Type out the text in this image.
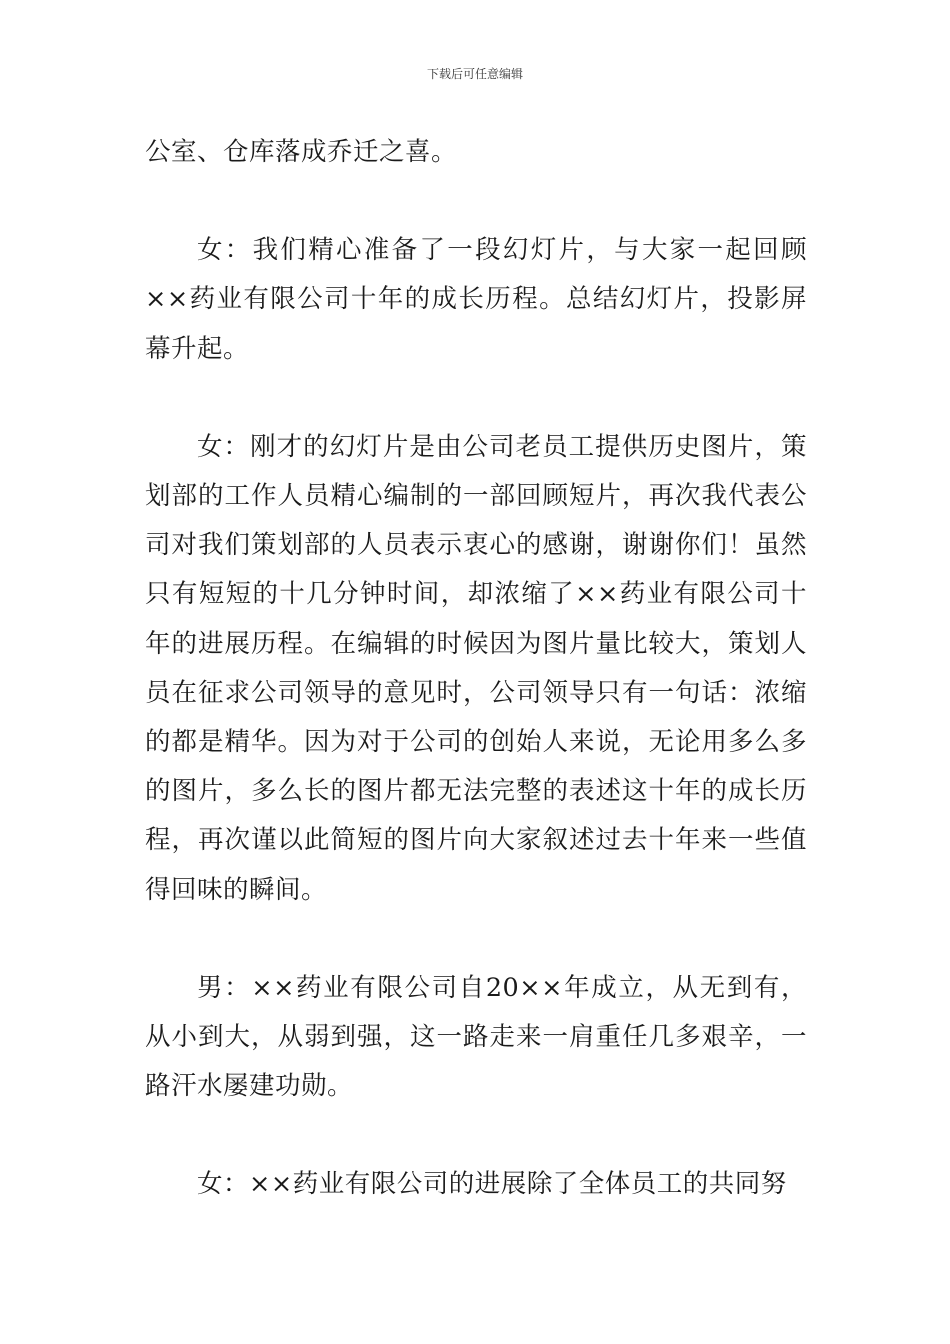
下载后可任意编辑

公室、仓库落成乔迁之喜。

女：我们精心准备了一段幻灯片，与大家一起回顾××药业有限公司十年的成长历程。总结幻灯片，投影屏幕升起。

女：刚才的幻灯片是由公司老员工提供历史图片，策划部的工作人员精心编制的一部回顾短片，再次我代表公司对我们策划部的人员表示衷心的感谢，谢谢你们！虽然只有短短的十几分钟时间，却浓缩了××药业有限公司十年的进展历程。在编辑的时候因为图片量比较大，策划人员在征求公司领导的意见时，公司领导只有一句话：浓缩的都是精华。因为对于公司的创始人来说，无论用多么多的图片，多么长的图片都无法完整的表述这十年的成长历程，再次谨以此简短的图片向大家叙述过去十年来一些值得回味的瞬间。

男：××药业有限公司自20××年成立，从无到有，从小到大，从弱到强，这一路走来一肩重任几多艰辛，一路汗水屡建功勋。

女：××药业有限公司的进展除了全体员工的共同努
